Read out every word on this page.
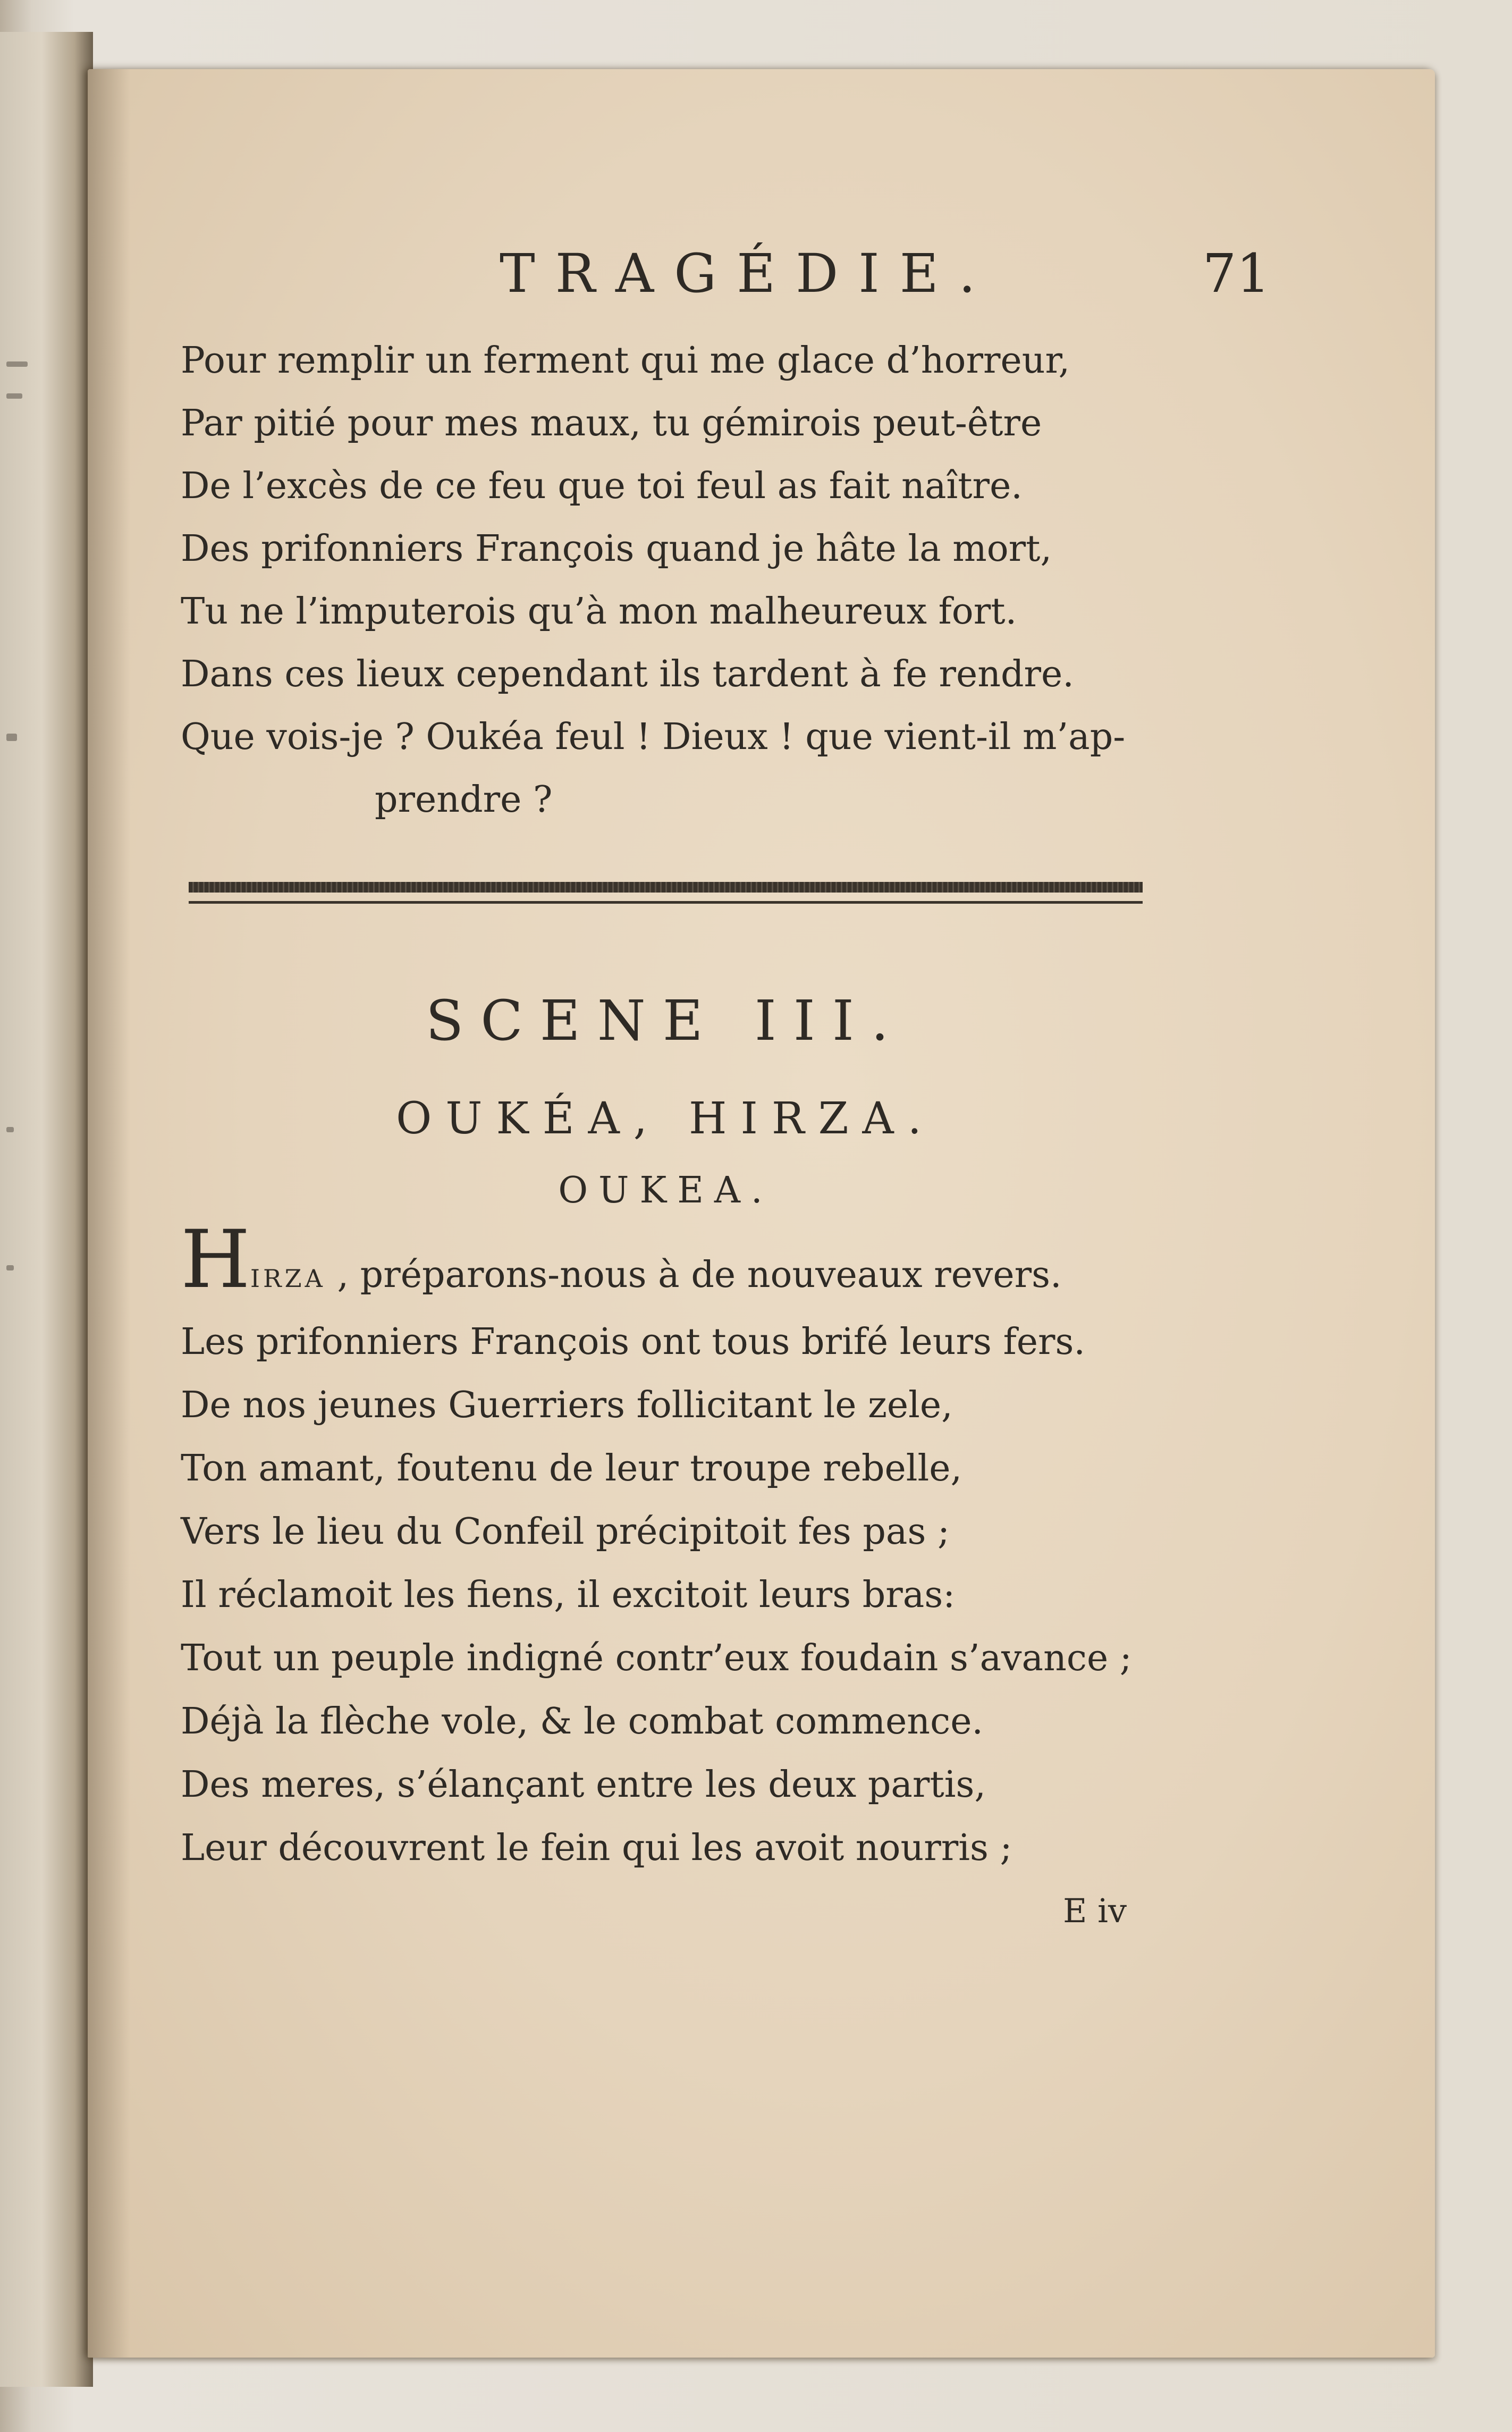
TRAGÉDIE.	71

Pour remplir un ferment qui me glace d’horreur,

Par pitié pour mes maux, tu gémirois peut-être

De l’excès de ce feu que toi feul as fait naître.

Des prifonniers François quand je hâte la mort,

Tu ne l’imputerois qu’à mon malheureux fort.

Dans ces lieux cependant ils tardent à fe rendre.

Que vois-je ? Oukéa feul ! Dieux ! que vient-il m’ap-

prendre ?

SCENE III.
OUKÉA, HIRZA.
OUKEA.

HIRZA , préparons-nous à de nouveaux revers.

Les prifonniers François ont tous brifé leurs fers.

De nos jeunes Guerriers follicitant le zele,

Ton amant, foutenu de leur troupe rebelle,

Vers le lieu du Confeil précipitoit fes pas ;

Il réclamoit les fiens, il excitoit leurs bras:

Tout un peuple indigné contr’eux foudain s’avance ;

Déjà la flèche vole, & le combat commence.

Des meres, s’élançant entre les deux partis,

Leur découvrent le fein qui les avoit nourris ;

E iv
